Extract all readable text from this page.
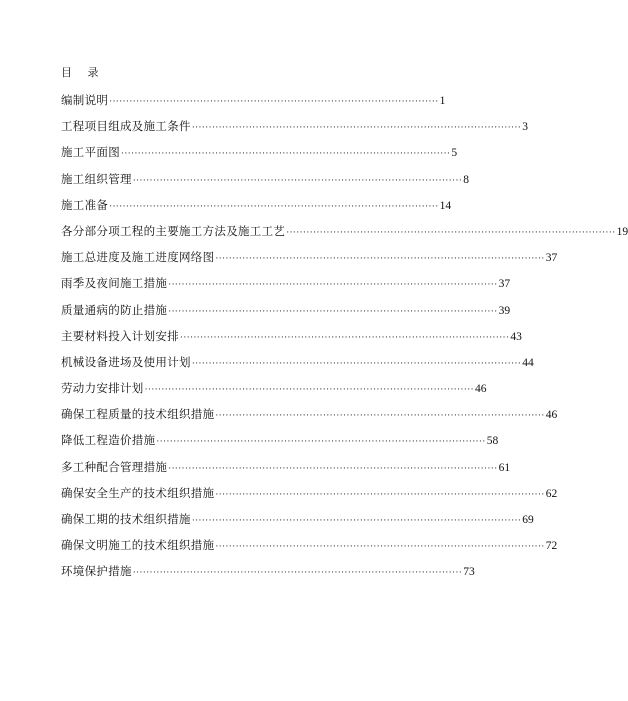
目 录
编制说明 ·································································································· 1
工程项目组成及施工条件 ·································································································· 3
施工平面图 ·································································································· 5
施工组织管理 ·································································································· 8
施工准备 ·································································································· 14
各分部分项工程的主要施工方法及施工工艺 ·································································································· 19
施工总进度及施工进度网络图 ·································································································· 37
雨季及夜间施工措施 ·································································································· 37
质量通病的防止措施 ·································································································· 39
主要材料投入计划安排 ·································································································· 43
机械设备进场及使用计划 ·································································································· 44
劳动力安排计划 ·································································································· 46
确保工程质量的技术组织措施 ·································································································· 46
降低工程造价措施 ·································································································· 58
多工种配合管理措施 ·································································································· 61
确保安全生产的技术组织措施 ·································································································· 62
确保工期的技术组织措施 ·································································································· 69
确保文明施工的技术组织措施 ·································································································· 72
环境保护措施 ·································································································· 73
